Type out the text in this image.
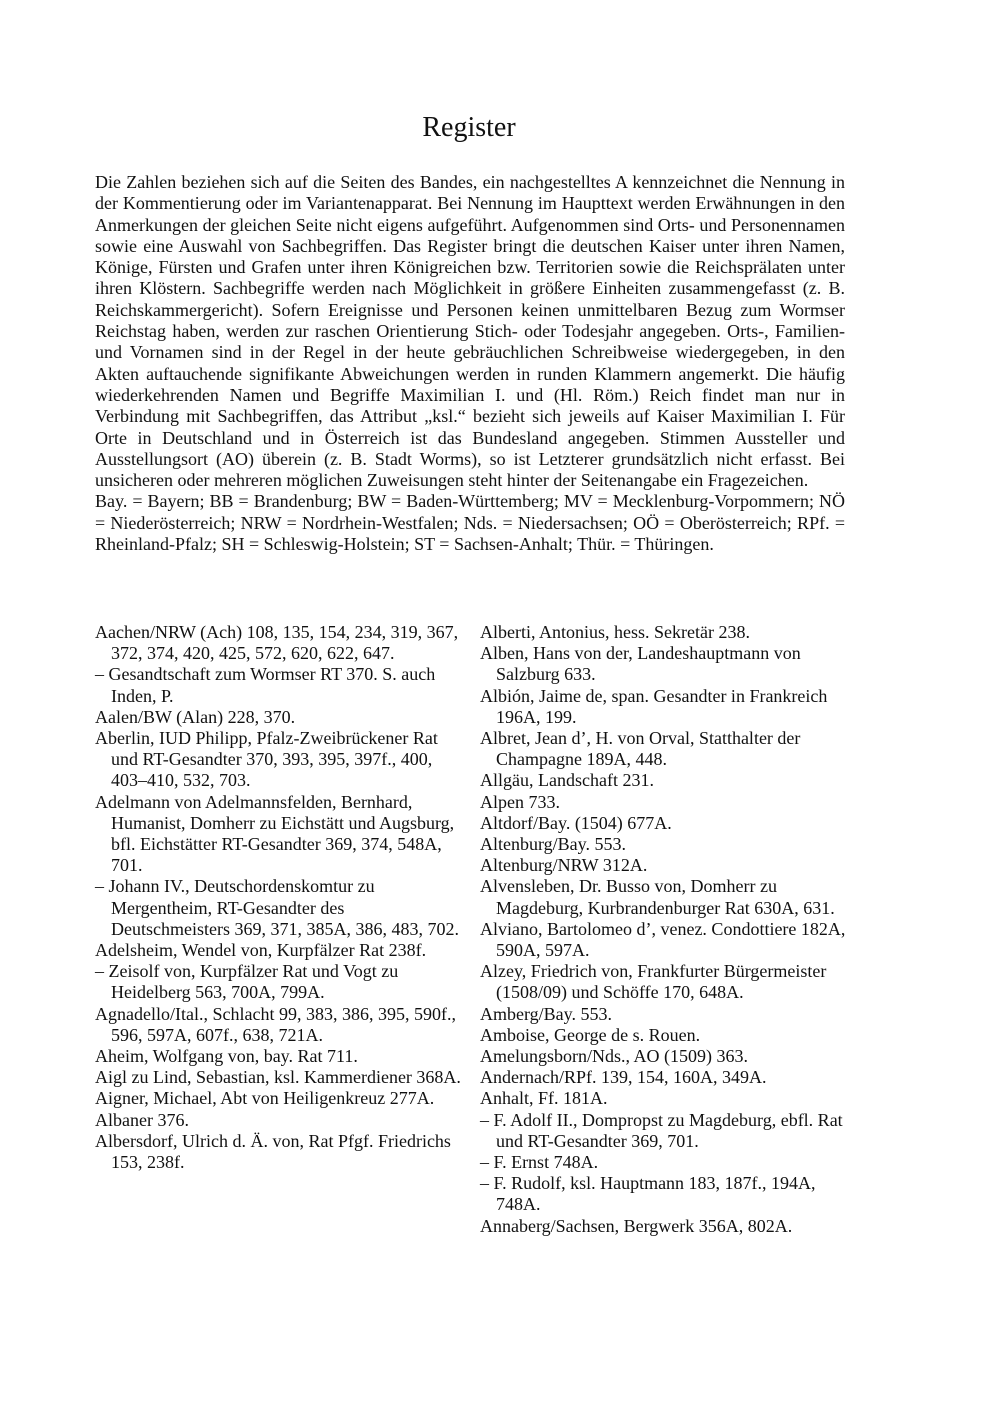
Register

Die Zahlen beziehen sich auf die Seiten des Bandes, ein nachgestelltes A kennzeichnet die Nennung in der Kommentierung oder im Variantenapparat. Bei Nennung im Haupttext werden Erwähnungen in den Anmerkungen der gleichen Seite nicht eigens aufgeführt. Aufgenommen sind Orts- und Personennamen sowie eine Auswahl von Sachbegriffen. Das Register bringt die deutschen Kaiser unter ihren Namen, Könige, Fürsten und Grafen unter ihren Königreichen bzw. Territorien sowie die Reichsprälaten unter ihren Klöstern. Sachbegriffe werden nach Möglichkeit in größere Einheiten zusammengefasst (z. B. Reichskammergericht). Sofern Ereignisse und Personen keinen unmittelbaren Bezug zum Wormser Reichstag haben, werden zur raschen Orientierung Stich- oder Todesjahr angegeben. Orts-, Familien- und Vornamen sind in der Regel in der heute gebräuchlichen Schreibweise wiedergegeben, in den Akten auftauchende signifikante Abweichungen werden in runden Klammern angemerkt. Die häufig wiederkehrenden Namen und Begriffe Maximilian I. und (Hl. Röm.) Reich findet man nur in Verbindung mit Sachbegriffen, das Attribut „ksl.“ bezieht sich jeweils auf Kaiser Maximilian I. Für Orte in Deutschland und in Österreich ist das Bundesland angegeben. Stimmen Aussteller und Ausstellungsort (AO) überein (z. B. Stadt Worms), so ist Letzterer grundsätzlich nicht erfasst. Bei unsicheren oder mehreren möglichen Zuweisungen steht hinter der Seitenangabe ein Fragezeichen.

Bay. = Bayern; BB = Brandenburg; BW = Baden-Württemberg; MV = Mecklenburg-Vorpommern; NÖ = Niederösterreich; NRW = Nordrhein-Westfalen; Nds. = Niedersachsen; OÖ = Oberösterreich; RPf. = Rheinland-Pfalz; SH = Schleswig-Holstein; ST = Sachsen-Anhalt; Thür. = Thüringen.

Aachen/NRW (Ach) 108, 135, 154, 234, 319, 367, 372, 374, 420, 425, 572, 620, 622, 647.

– Gesandtschaft zum Wormser RT 370. S. auch Inden, P.

Aalen/BW (Alan) 228, 370.

Aberlin, IUD Philipp, Pfalz-Zweibrückener Rat und RT-Gesandter 370, 393, 395, 397f., 400, 403–410, 532, 703.

Adelmann von Adelmannsfelden, Bernhard, Humanist, Domherr zu Eichstätt und Augsburg, bfl. Eichstätter RT-Gesandter 369, 374, 548A, 701.

– Johann IV., Deutschordenskomtur zu Mergentheim, RT-Gesandter des Deutschmeisters 369, 371, 385A, 386, 483, 702.

Adelsheim, Wendel von, Kurpfälzer Rat 238f.

– Zeisolf von, Kurpfälzer Rat und Vogt zu Heidelberg 563, 700A, 799A.

Agnadello/Ital., Schlacht 99, 383, 386, 395, 590f., 596, 597A, 607f., 638, 721A.

Aheim, Wolfgang von, bay. Rat 711.

Aigl zu Lind, Sebastian, ksl. Kammerdiener 368A.

Aigner, Michael, Abt von Heiligenkreuz 277A.

Albaner 376.

Albersdorf, Ulrich d. Ä. von, Rat Pfgf. Friedrichs 153, 238f.

Alberti, Antonius, hess. Sekretär 238.

Alben, Hans von der, Landeshauptmann von Salzburg 633.

Albión, Jaime de, span. Gesandter in Frankreich 196A, 199.

Albret, Jean d’, H. von Orval, Statthalter der Champagne 189A, 448.

Allgäu, Landschaft 231.

Alpen 733.

Altdorf/Bay. (1504) 677A.

Altenburg/Bay. 553.

Altenburg/NRW 312A.

Alvensleben, Dr. Busso von, Domherr zu Magdeburg, Kurbrandenburger Rat 630A, 631.

Alviano, Bartolomeo d’, venez. Condottiere 182A, 590A, 597A.

Alzey, Friedrich von, Frankfurter Bürgermeister (1508/09) und Schöffe 170, 648A.

Amberg/Bay. 553.

Amboise, George de s. Rouen.

Amelungsborn/Nds., AO (1509) 363.

Andernach/RPf. 139, 154, 160A, 349A.

Anhalt, Ff. 181A.

– F. Adolf II., Dompropst zu Magdeburg, ebfl. Rat und RT-Gesandter 369, 701.

– F. Ernst 748A.

– F. Rudolf, ksl. Hauptmann 183, 187f., 194A, 748A.

Annaberg/Sachsen, Bergwerk 356A, 802A.
